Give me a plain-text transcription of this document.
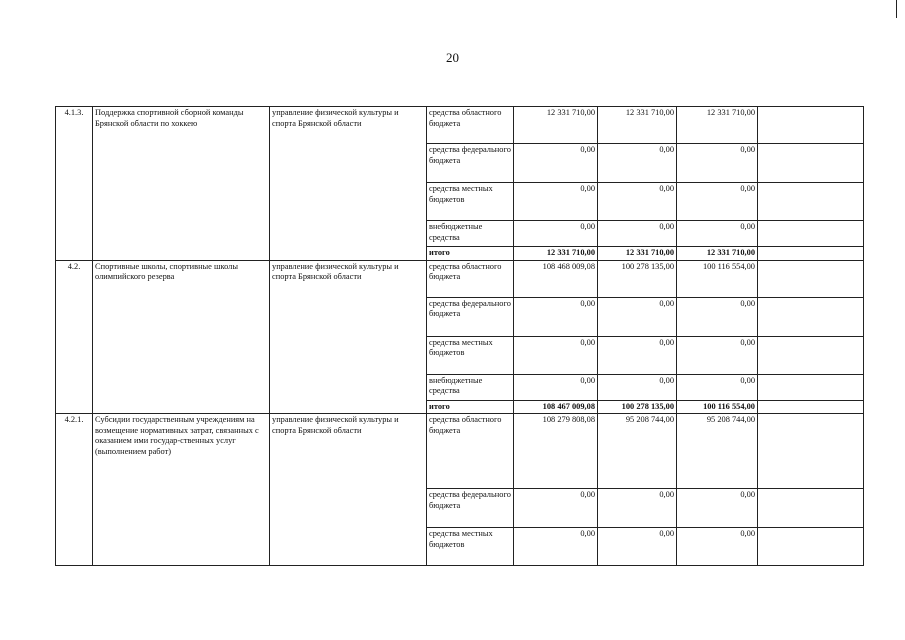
20
4.1.3.	Поддержка спортивной сборной команды Брянской области по хоккею	управление физической культуры и спорта Брянской области	средства областного бюджета	12 331 710,00	12 331 710,00	12 331 710,00	
			средства федерального бюджета	0,00	0,00	0,00	
			средства местных бюджетов	0,00	0,00	0,00	
			внебюджетные средства	0,00	0,00	0,00	
			итого	12 331 710,00	12 331 710,00	12 331 710,00	
4.2.	Спортивные школы, спортивные школы олимпийского резерва	управление физической культуры и спорта Брянской области	средства областного бюджета	108 468 009,08	100 278 135,00	100 116 554,00	
			средства федерального бюджета	0,00	0,00	0,00	
			средства местных бюджетов	0,00	0,00	0,00	
			внебюджетные средства	0,00	0,00	0,00	
			итого	108 467 009,08	100 278 135,00	100 116 554,00	
4.2.1.	Субсидии государственным учреждениям на возмещение нормативных затрат, связанных с оказанием ими государ-ственных услуг (выполнением работ)	управление физической культуры и спорта Брянской области	средства областного бюджета	108 279 808,08	95 208 744,00	95 208 744,00	
			средства федерального бюджета	0,00	0,00	0,00	
			средства местных бюджетов	0,00	0,00	0,00	
